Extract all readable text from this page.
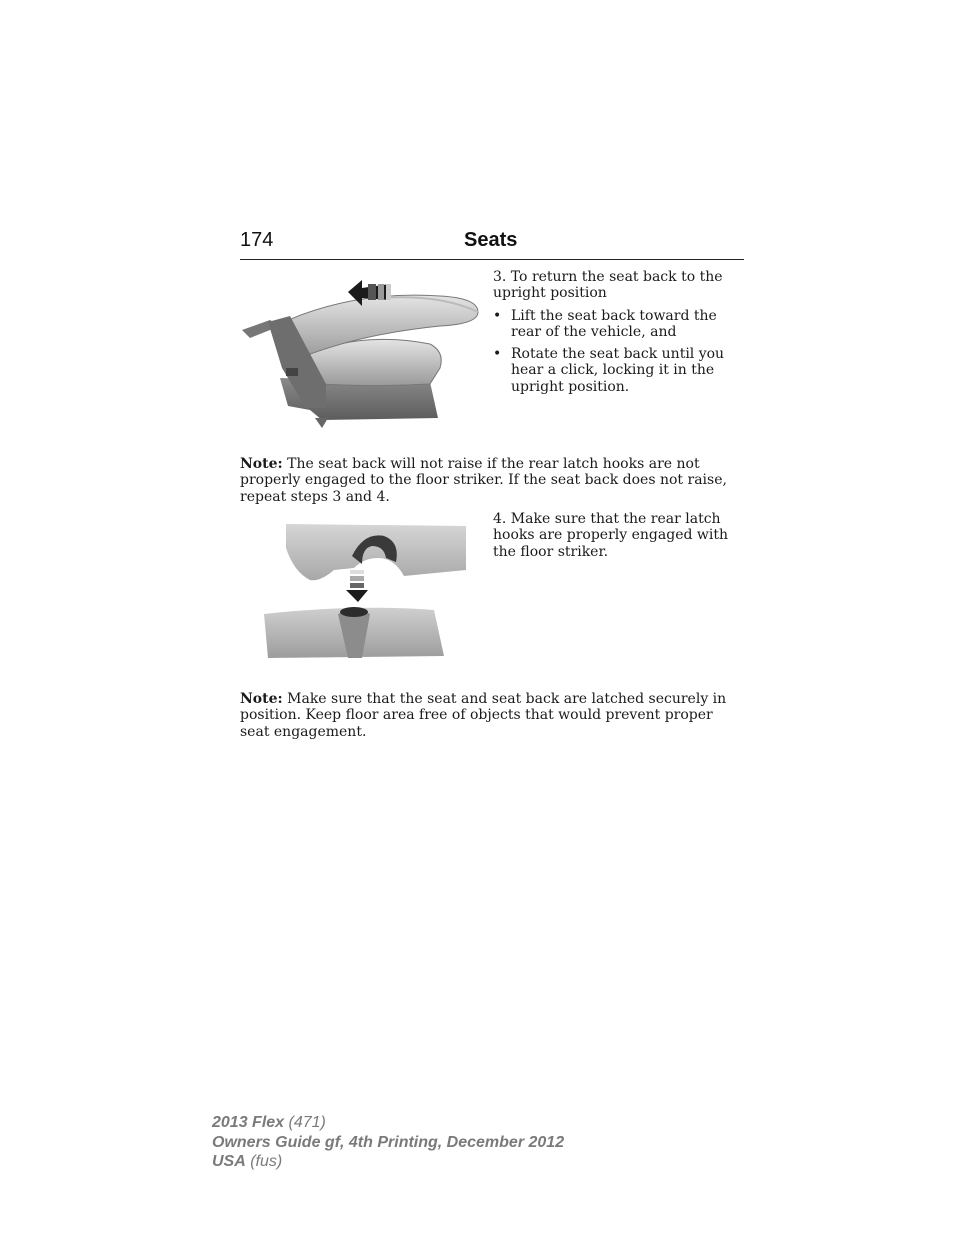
174	Seats

3. To return the seat back to the upright position

• Lift the seat back toward the rear of the vehicle, and
• Rotate the seat back until you hear a click, locking it in the upright position.

Note: The seat back will not raise if the rear latch hooks are not properly engaged to the floor striker. If the seat back does not raise, repeat steps 3 and 4.

4. Make sure that the rear latch hooks are properly engaged with the floor striker.

Note: Make sure that the seat and seat back are latched securely in position. Keep floor area free of objects that would prevent proper seat engagement.

2013 Flex (471)
Owners Guide gf, 4th Printing, December 2012
USA (fus)
